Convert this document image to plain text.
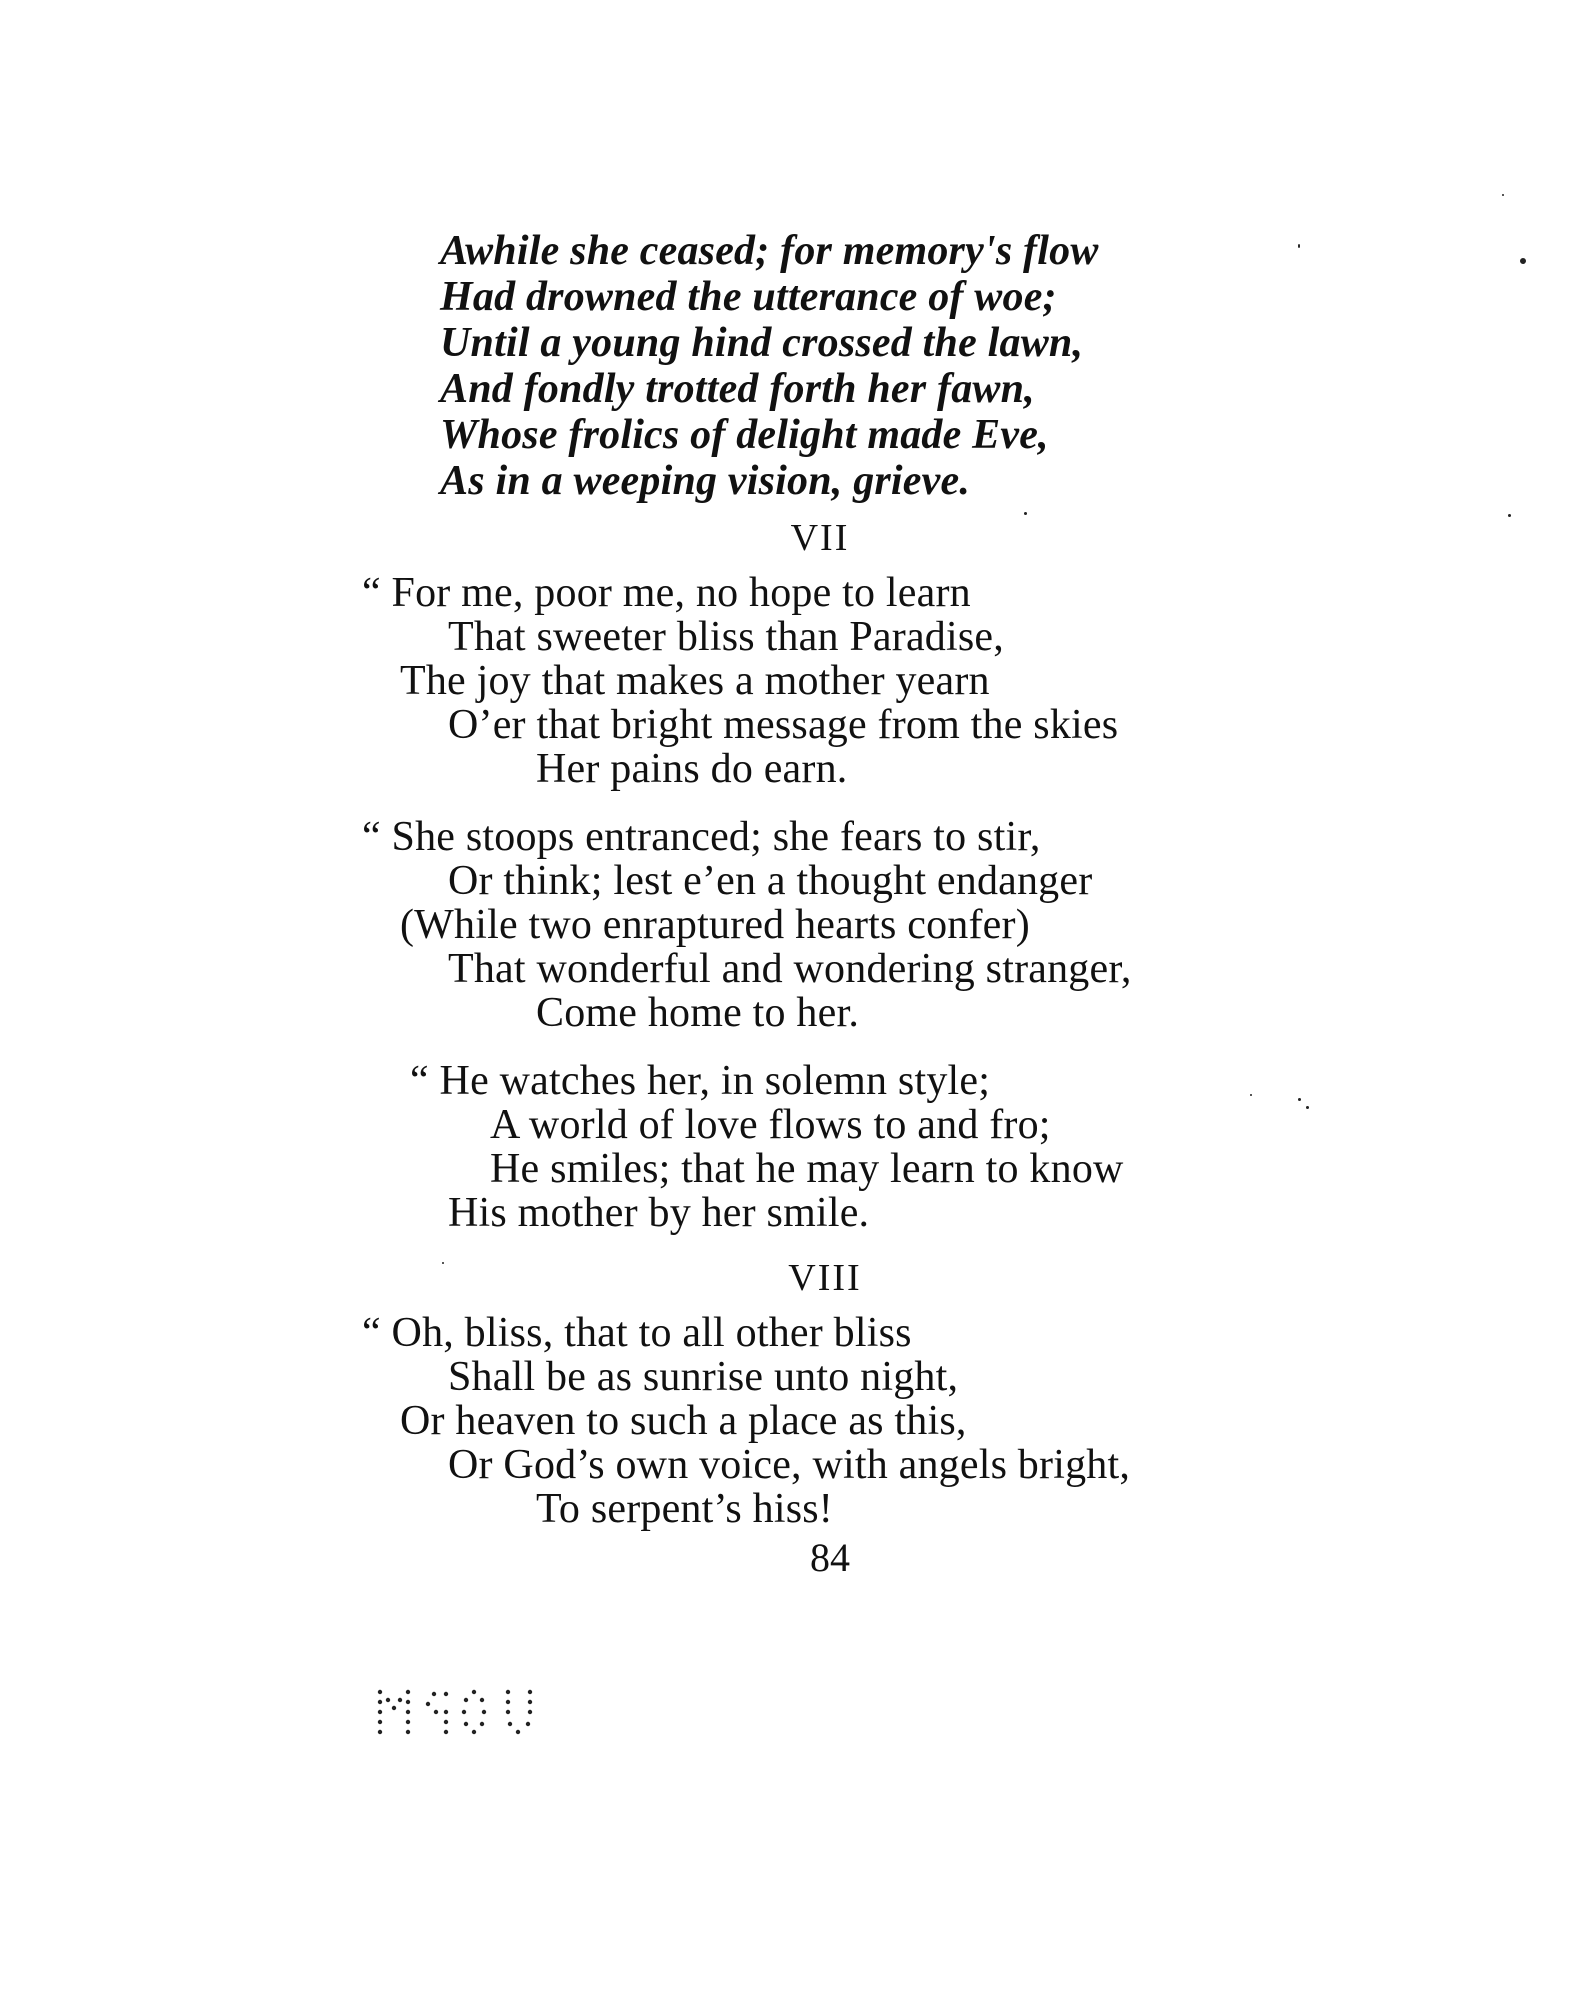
Awhile she ceased; for memory's flow
Had drowned the utterance of woe;
Until a young hind crossed the lawn,
And fondly trotted forth her fawn,
Whose frolics of delight made Eve,
As in a weeping vision, grieve.
VII
“ For me, poor me, no hope to learn
That sweeter bliss than Paradise,
The joy that makes a mother yearn
O’er that bright message from the skies
Her pains do earn.
“ She stoops entranced; she fears to stir,
Or think; lest e’en a thought endanger
(While two enraptured hearts confer)
That wonderful and wondering stranger,
Come home to her.
“ He watches her, in solemn style;
A world of love flows to and fro;
He smiles; that he may learn to know
His mother by her smile.
VIII
“ Oh, bliss, that to all other bliss
Shall be as sunrise unto night,
Or heaven to such a place as this,
Or God’s own voice, with angels bright,
To serpent’s hiss!
84
